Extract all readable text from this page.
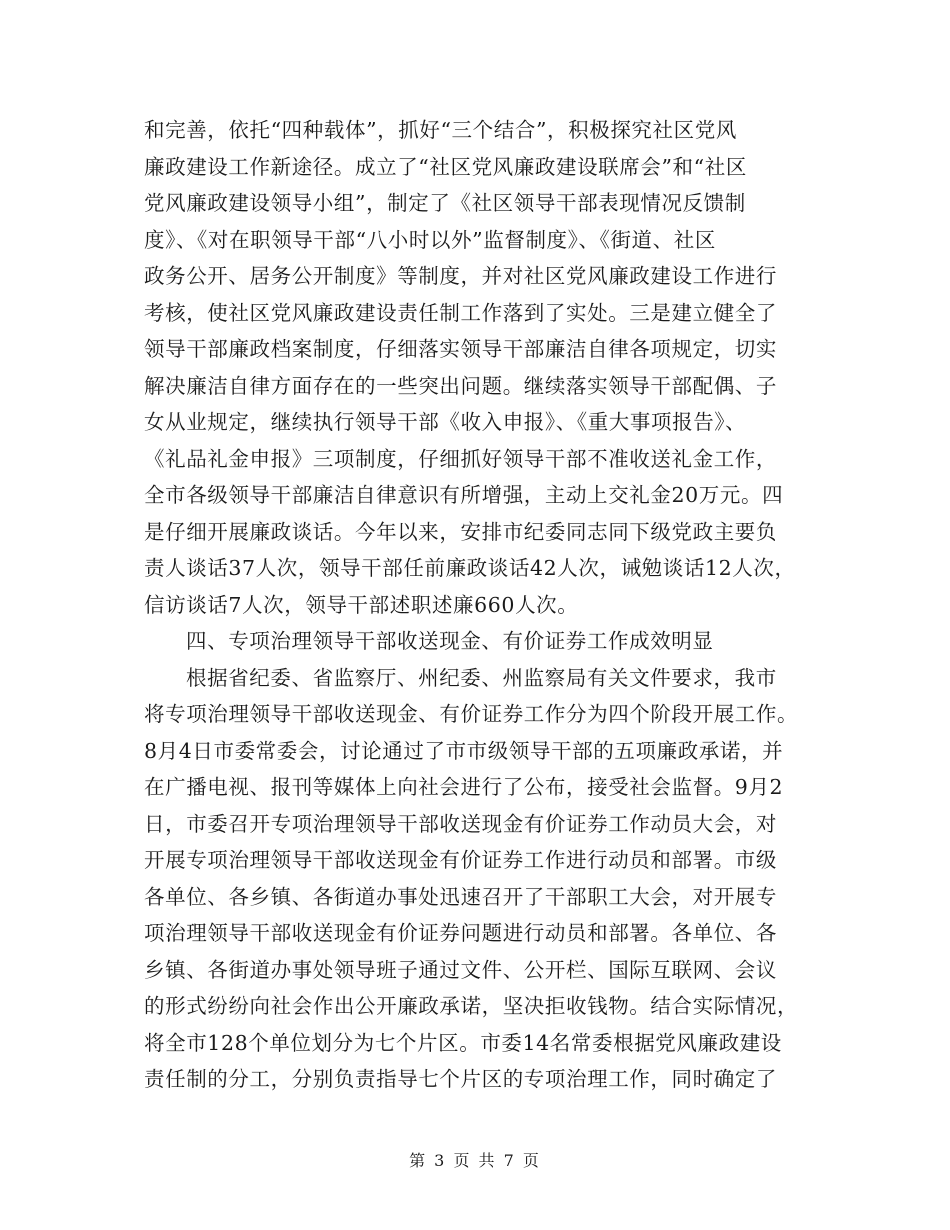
和完善，依托“四种载体”，抓好“三个结合”，积极探究社区党风
廉政建设工作新途径。成立了“社区党风廉政建设联席会”和“社区
党风廉政建设领导小组”，制定了《社区领导干部表现情况反馈制
度》、《对在职领导干部“八小时以外”监督制度》、《街道、社区
政务公开、居务公开制度》等制度，并对社区党风廉政建设工作进行
考核，使社区党风廉政建设责任制工作落到了实处。三是建立健全了
领导干部廉政档案制度，仔细落实领导干部廉洁自律各项规定，切实
解决廉洁自律方面存在的一些突出问题。继续落实领导干部配偶、子
女从业规定，继续执行领导干部《收入申报》、《重大事项报告》、
《礼品礼金申报》三项制度，仔细抓好领导干部不准收送礼金工作，
全市各级领导干部廉洁自律意识有所增强，主动上交礼金20万元。四
是仔细开展廉政谈话。今年以来，安排市纪委同志同下级党政主要负
责人谈话37人次，领导干部任前廉政谈话42人次，诫勉谈话12人次，
信访谈话7人次，领导干部述职述廉660人次。
四、专项治理领导干部收送现金、有价证券工作成效明显
根据省纪委、省监察厅、州纪委、州监察局有关文件要求，我市
将专项治理领导干部收送现金、有价证券工作分为四个阶段开展工作。
8月4日市委常委会，讨论通过了市市级领导干部的五项廉政承诺，并
在广播电视、报刊等媒体上向社会进行了公布，接受社会监督。9月2
日，市委召开专项治理领导干部收送现金有价证券工作动员大会，对
开展专项治理领导干部收送现金有价证券工作进行动员和部署。市级
各单位、各乡镇、各街道办事处迅速召开了干部职工大会，对开展专
项治理领导干部收送现金有价证券问题进行动员和部署。各单位、各
乡镇、各街道办事处领导班子通过文件、公开栏、国际互联网、会议
的形式纷纷向社会作出公开廉政承诺，坚决拒收钱物。结合实际情况，
将全市128个单位划分为七个片区。市委14名常委根据党风廉政建设
责任制的分工，分别负责指导七个片区的专项治理工作，同时确定了
第 3 页 共 7 页
